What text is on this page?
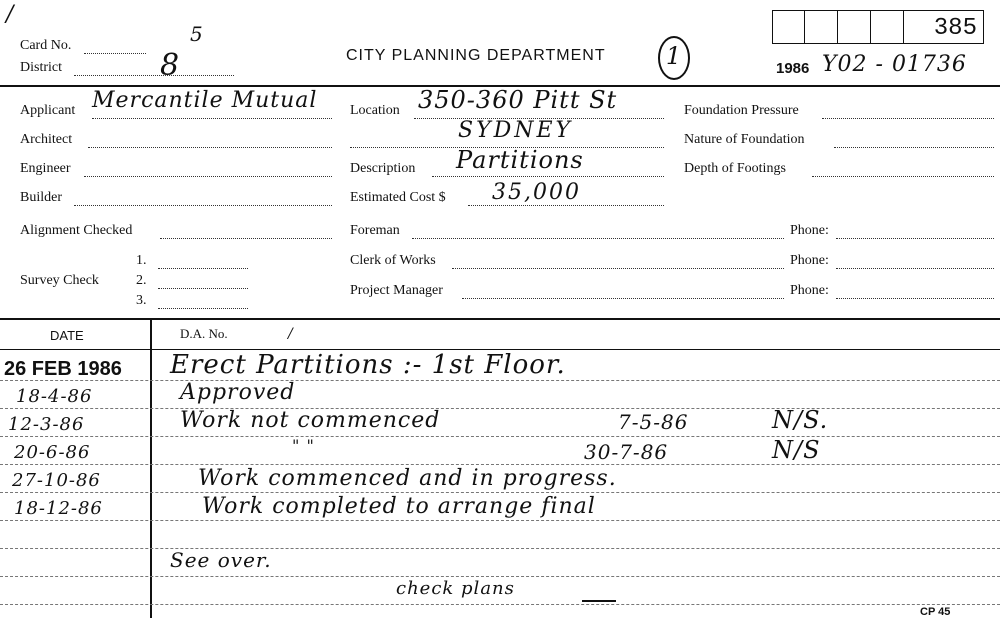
/
Card No.
District	8
5
CITY PLANNING DEPARTMENT	1
385
1986 Y02 - 01736
Applicant Mercantile Mutual
Architect
Engineer
Builder
Alignment Checked
Survey Check
1.
2.
3.
Location 350-360 Pitt St
SYDNEY
Description Partitions
Estimated Cost $ 35,000
Foreman	Phone:
Clerk of Works	Phone:
Project Manager	Phone:
Foundation Pressure
Nature of Foundation
Depth of Footings
DATE	D.A. No.	/
26 FEB 1986 Erect Partitions :- 1st Floor.
18-4-86	Approved
12-3-86	Work not commenced	7-5-86	N/S.
20-6-86	" "	30-7-86	N/S
27-10-86	Work commenced and in progress.
18-12-86	Work completed to arrange final
See over.
check plans
CP 45
